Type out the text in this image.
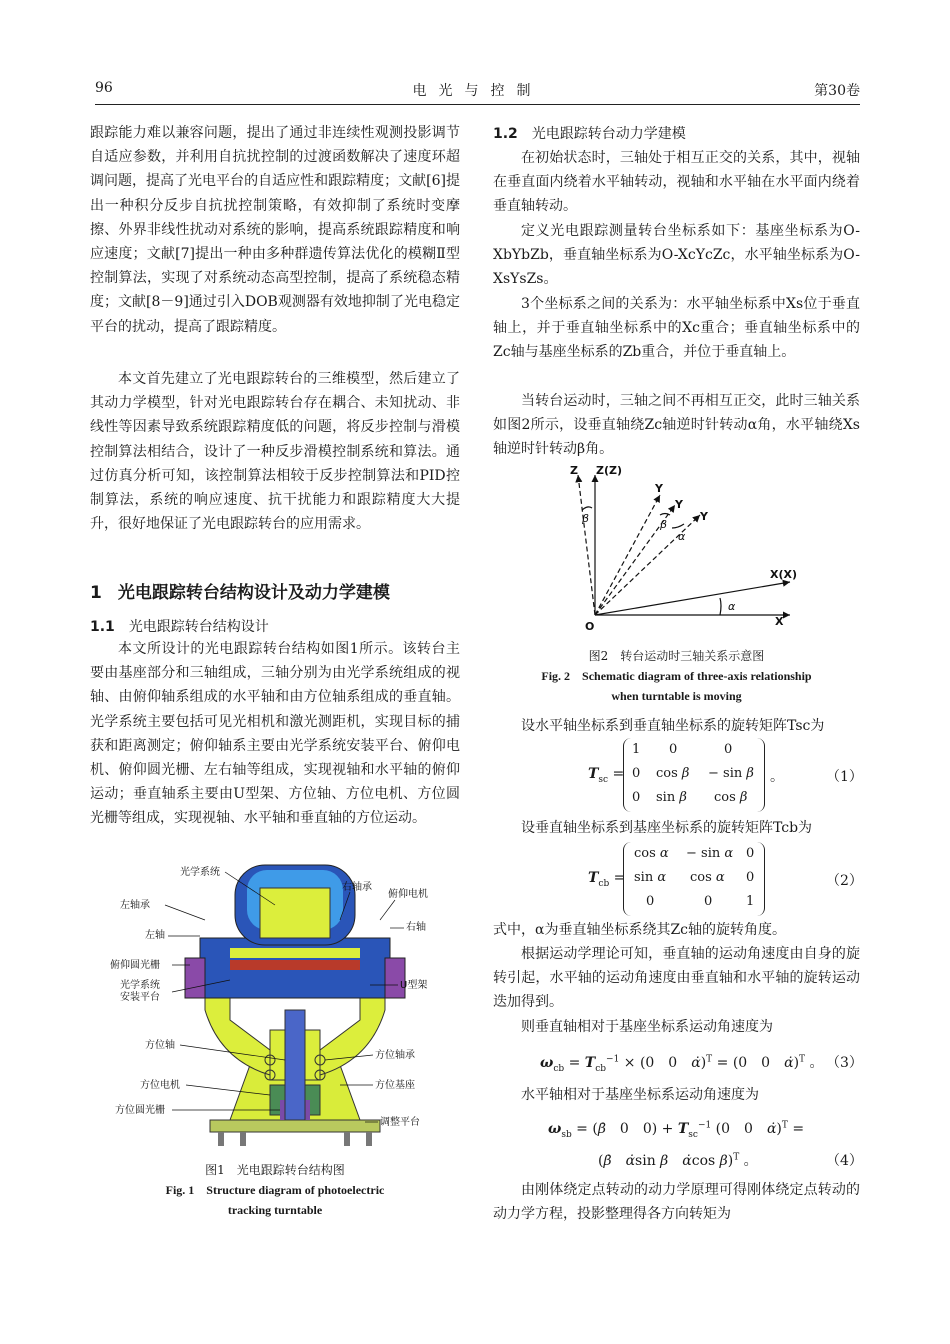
96	电光与控制	第30卷

跟踪能力难以兼容问题，提出了通过非连续性观测投影调节自适应参数，并利用自抗扰控制的过渡函数解决了速度环超调问题，提高了光电平台的自适应性和跟踪精度；文献[6]提出一种积分反步自抗扰控制策略，有效抑制了系统时变摩擦、外界非线性扰动对系统的影响，提高系统跟踪精度和响应速度；文献[7]提出一种由多种群遗传算法优化的模糊Ⅱ型控制算法，实现了对系统动态高型控制，提高了系统稳态精度；文献[8－9]通过引入DOB观测器有效地抑制了光电稳定平台的扰动，提高了跟踪精度。

本文首先建立了光电跟踪转台的三维模型，然后建立了其动力学模型，针对光电跟踪转台存在耦合、未知扰动、非线性等因素导致系统跟踪精度低的问题，将反步控制与滑模控制算法相结合，设计了一种反步滑模控制系统和算法。通过仿真分析可知，该控制算法相较于反步控制算法和PID控制算法，系统的响应速度、抗干扰能力和跟踪精度大大提升，很好地保证了光电跟踪转台的应用需求。

1 光电跟踪转台结构设计及动力学建模
1.1 光电跟踪转台结构设计

本文所设计的光电跟踪转台结构如图1所示。该转台主要由基座部分和三轴组成，三轴分别为由光学系统组成的视轴、由俯仰轴系组成的水平轴和由方位轴系组成的垂直轴。光学系统主要包括可见光相机和激光测距机，实现目标的捕获和距离测定；俯仰轴系主要由光学系统安装平台、俯仰电机、俯仰圆光栅、左右轴等组成，实现视轴和水平轴的俯仰运动；垂直轴系主要由U型架、方位轴、方位电机、方位圆光栅等组成，实现视轴、水平轴和垂直轴的方位运动。

光学系统
左轴承
左轴
俯仰圆光栅
光学系统
安装平台
方位轴
方位电机
方位圆光栅
右轴承
俯仰电机
右轴
U型架
方位轴承
方位基座
调整平台
图1　光电跟踪转台结构图
Fig. 1　Structure diagram of photoelectric
tracking turntable
1.2 光电跟踪转台动力学建模

在初始状态时，三轴处于相互正交的关系，其中，视轴在垂直面内绕着水平轴转动，视轴和水平轴在水平面内绕着垂直轴转动。

定义光电跟踪测量转台坐标系如下：基座坐标系为O-XbYbZb，垂直轴坐标系为O-XcYcZc，水平轴坐标系为O-XsYsZs。

3个坐标系之间的关系为：水平轴坐标系中Xs位于垂直轴上，并于垂直轴坐标系中的Xc重合；垂直轴坐标系中的Zc轴与基座坐标系的Zb重合，并位于垂直轴上。

当转台运动时，三轴之间不再相互正交，此时三轴关系如图2所示，设垂直轴绕Zc轴逆时针转动α角，水平轴绕Xs轴逆时针转动β角。

Z Z(Z)
Y
Y
Y
X(X)
X
O
β	β
α
α
图2　转台运动时三轴关系示意图
Fig. 2　Schematic diagram of three-axis relationship
when turntable is moving

设水平轴坐标系到垂直轴坐标系的旋转矩阵Tsc为

$T_{sc}$ =
1 0	0
0 cos β − sin β
0 sin β cos β
。	（1）

设垂直轴坐标系到基座坐标系的旋转矩阵Tcb为

$T_{cb}$ =
cos α − sin α 0
sin α cos α 0
0	0	1
（2）

式中，α为垂直轴坐标系绕其Zc轴的旋转角度。

根据运动学理论可知，垂直轴的运动角速度由自身的旋转引起，水平轴的运动角速度由垂直轴和水平轴的旋转运动迭加得到。

则垂直轴相对于基座坐标系运动角速度为

$\omega_{cb} = T_{cb}^{-1} \times (0$　0　α̇)$^T$ = (0　0　α̇)$^T$ 。 （3）

水平轴相对于基座坐标系运动角速度为

$\omega_{sb}$ = (β̇　0　$0) + T_{sc}^{-1}$ (0　0　α̇)$^T$ =
(β̇　 α̇sin β　 α̇cos β)$^T$ 。	（4）

由刚体绕定点转动的动力学原理可得刚体绕定点转动的动力学方程，投影整理得各方向转矩为
